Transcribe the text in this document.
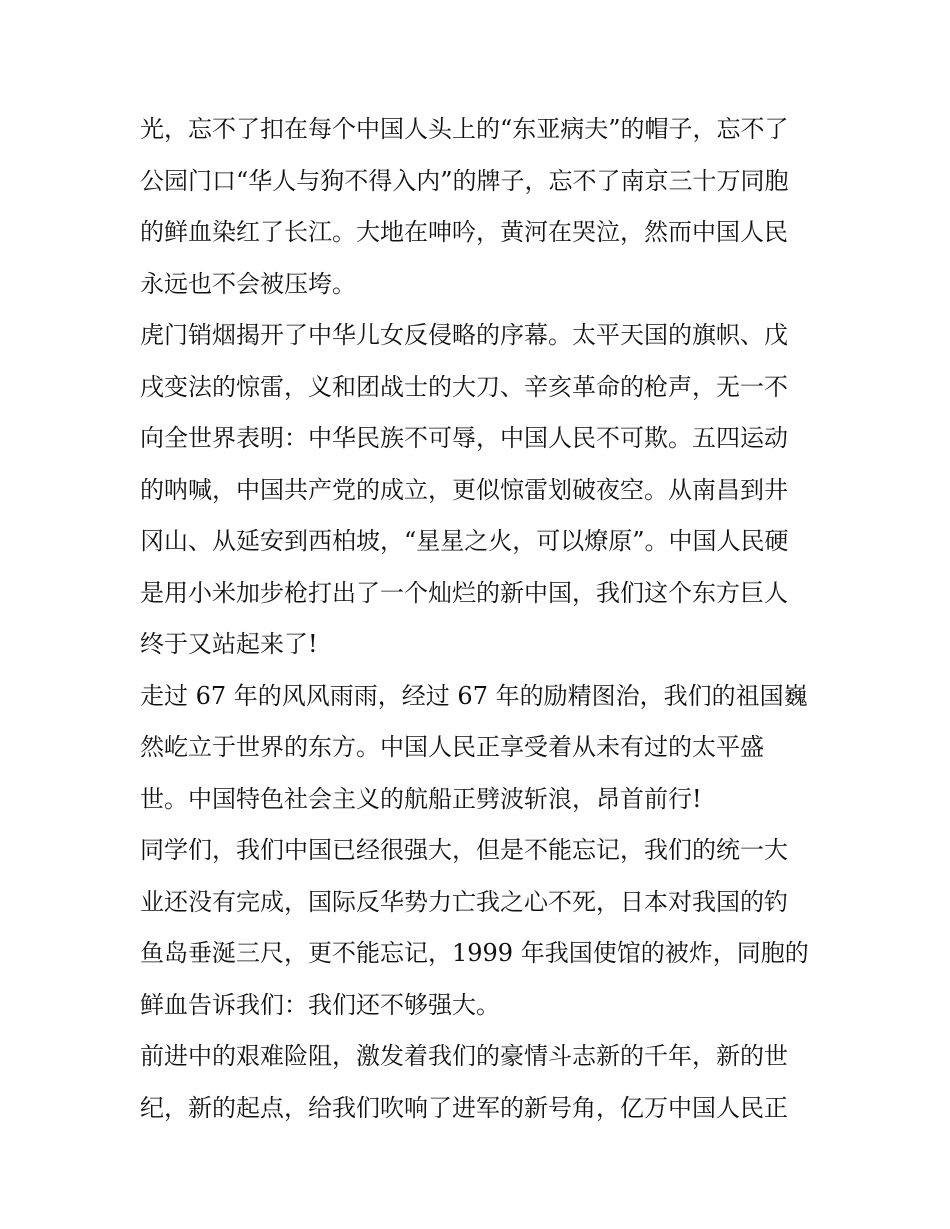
光，忘不了扣在每个中国人头上的“东亚病夫”的帽子，忘不了
公园门口“华人与狗不得入内”的牌子，忘不了南京三十万同胞
的鲜血染红了长江。大地在呻吟，黄河在哭泣，然而中国人民
永远也不会被压垮。
虎门销烟揭开了中华儿女反侵略的序幕。太平天国的旗帜、戊
戌变法的惊雷，义和团战士的大刀、辛亥革命的枪声，无一不
向全世界表明：中华民族不可辱，中国人民不可欺。五四运动
的呐喊，中国共产党的成立，更似惊雷划破夜空。从南昌到井
冈山、从延安到西柏坡，“星星之火，可以燎原”。中国人民硬
是用小米加步枪打出了一个灿烂的新中国，我们这个东方巨人
终于又站起来了!
走过 67 年的风风雨雨，经过 67 年的励精图治，我们的祖国巍
然屹立于世界的东方。中国人民正享受着从未有过的太平盛
世。中国特色社会主义的航船正劈波斩浪，昂首前行!
同学们，我们中国已经很强大，但是不能忘记，我们的统一大
业还没有完成，国际反华势力亡我之心不死，日本对我国的钓
鱼岛垂涎三尺，更不能忘记，1999 年我国使馆的被炸，同胞的
鲜血告诉我们：我们还不够强大。
前进中的艰难险阻，激发着我们的豪情斗志新的千年，新的世
纪，新的起点，给我们吹响了进军的新号角，亿万中国人民正
